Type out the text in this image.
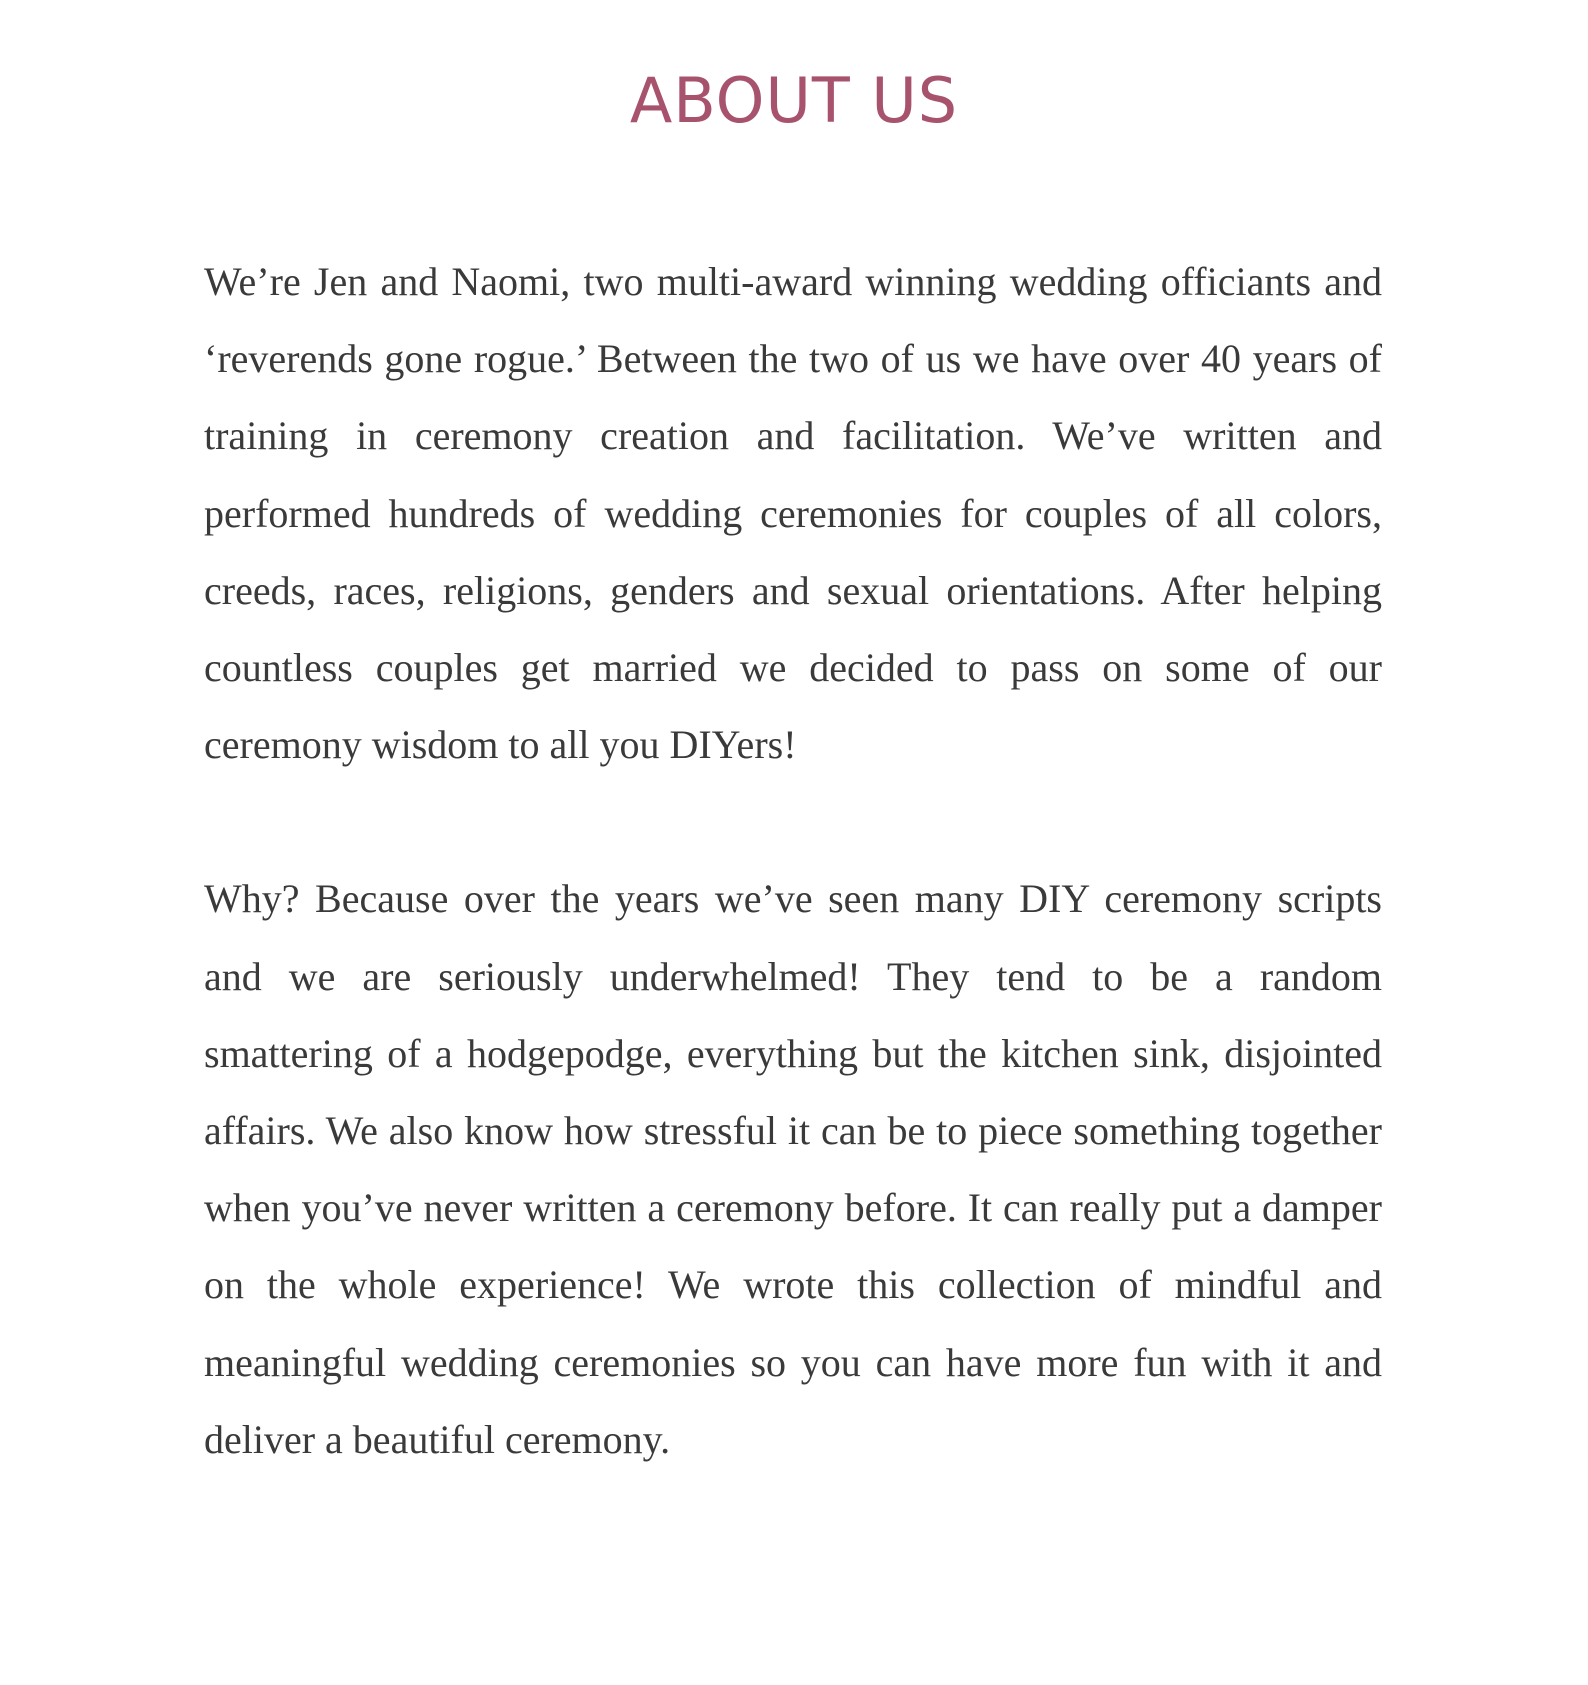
ABOUT US

We’re Jen and Naomi, two multi-award winning wedding officiants and ‘reverends gone rogue.’ Between the two of us we have over 40 years of training in ceremony creation and facilitation. We’ve written and performed hundreds of wedding ceremonies for couples of all colors, creeds, races, religions, genders and sexual orientations. After helping countless couples get married we decided to pass on some of our ceremony wisdom to all you DIYers!

Why? Because over the years we’ve seen many DIY ceremony scripts and we are seriously underwhelmed! They tend to be a random smattering of a hodgepodge, everything but the kitchen sink, disjointed affairs. We also know how stressful it can be to piece something together when you’ve never written a ceremony before. It can really put a damper on the whole experience! We wrote this collection of mindful and meaningful wedding ceremonies so you can have more fun with it and deliver a beautiful ceremony.
